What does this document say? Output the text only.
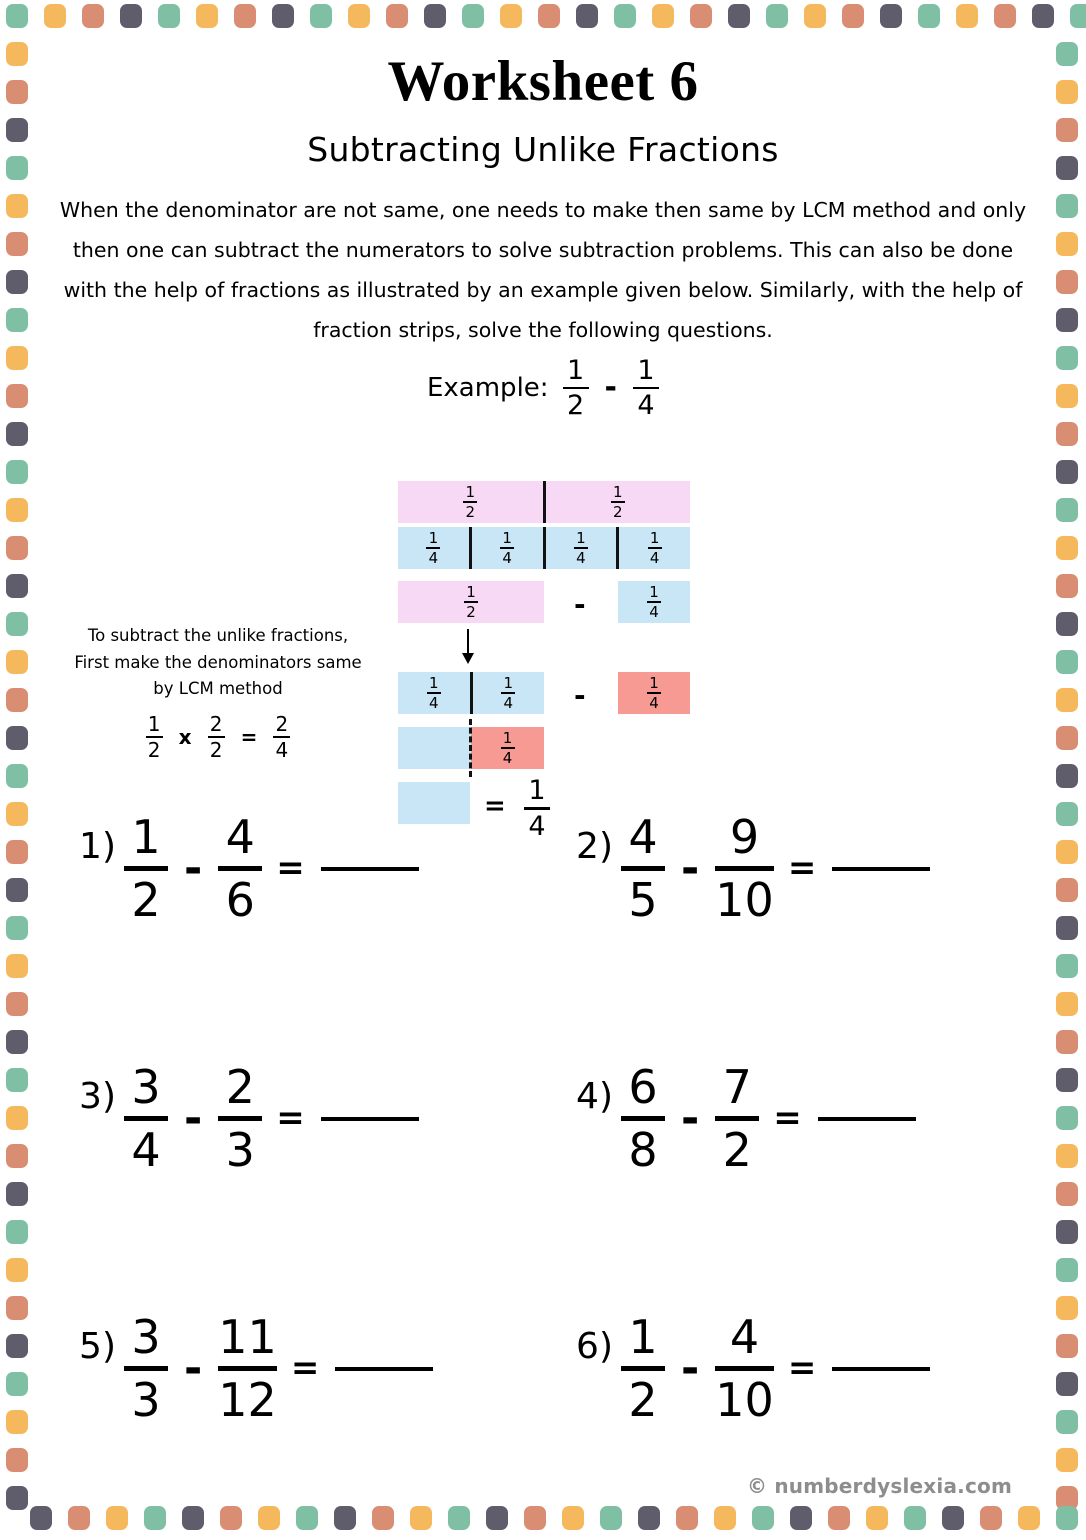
Worksheet 6
Subtracting Unlike Fractions
When the denominator are not same, one needs to make then same by LCM method and only then one can subtract the numerators to solve subtraction problems. This can also be done with the help of fractions as illustrated by an example given below. Similarly, with the help of fraction strips, solve the following questions.
Example: $\frac{1}{2} - \frac{1}{4}$
To subtract the unlike fractions,
First make the denominators same
by LCM method
$\frac{1}{2}$ x $\frac{2}{2} = \frac{2}{4}$
$\frac{1}{2}$	$\frac{1}{2}$
$\frac{1}{4}$	$\frac{1}{4}$	$\frac{1}{4}$	$\frac{1}{4}$
$\frac{1}{2}$	-	$\frac{1}{4}$
$\frac{1}{4}$	$\frac{1}{4}$ -	$\frac{1}{4}$
$\frac{1}{4}$
= 1
4
1) 1
2
-
4
6
=
2) 4
5
-
9
10
=
3) 3
4
-
2
3
=
4) 6
8
-
7
2
=
5) 3
3
-
11
12
=
6) 1
2
-
4
10
=
© numberdyslexia.com
